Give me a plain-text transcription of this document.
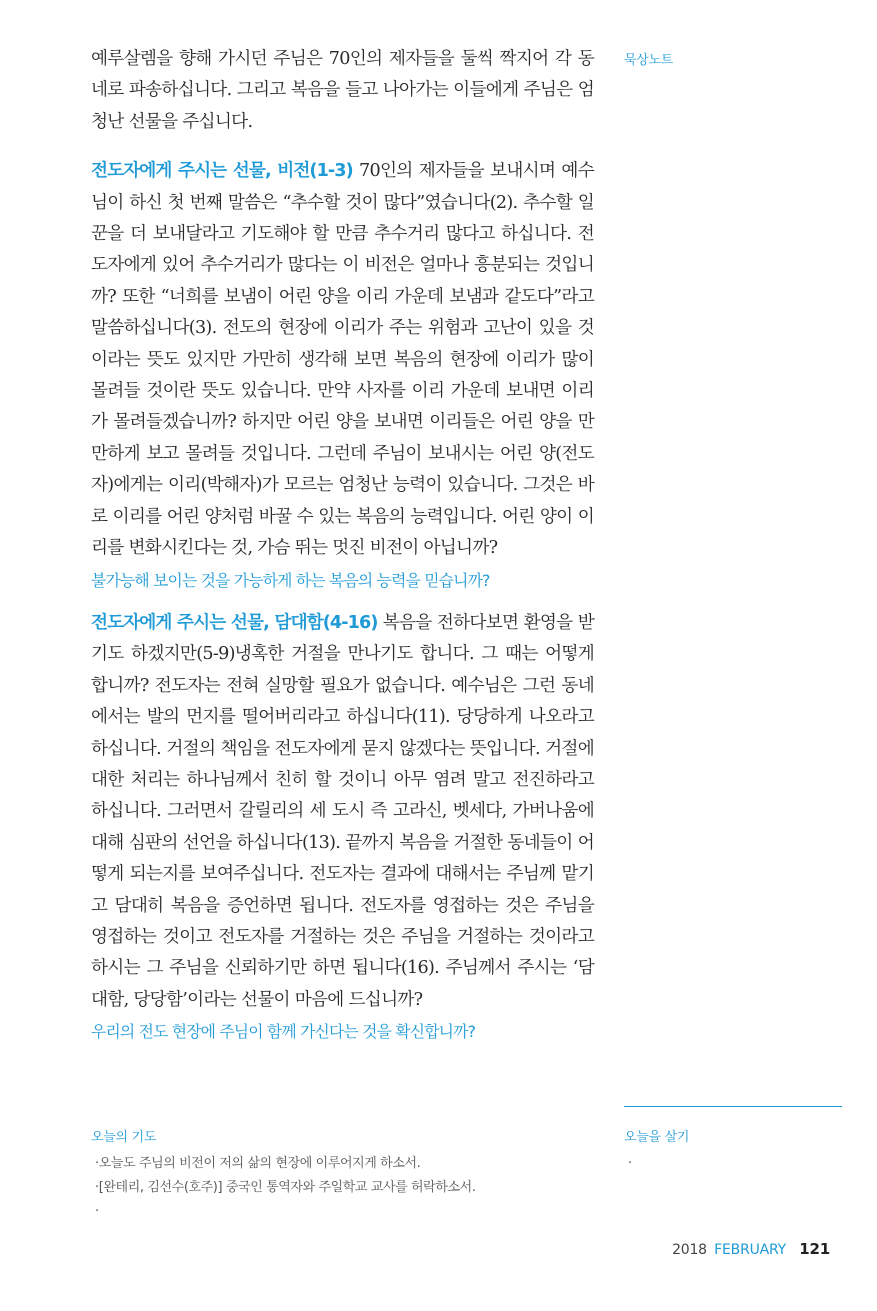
묵상노트

예루살렘을 향해 가시던 주님은 70인의 제자들을 둘씩 짝지어 각 동네로 파송하십니다. 그리고 복음을 들고 나아가는 이들에게 주님은 엄청난 선물을 주십니다.

전도자에게 주시는 선물, 비전(1-3) 70인의 제자들을 보내시며 예수님이 하신 첫 번째 말씀은 “추수할 것이 많다”였습니다(2). 추수할 일꾼을 더 보내달라고 기도해야 할 만큼 추수거리 많다고 하십니다. 전도자에게 있어 추수거리가 많다는 이 비전은 얼마나 흥분되는 것입니까? 또한 “너희를 보냄이 어린 양을 이리 가운데 보냄과 같도다”라고 말씀하십니다(3). 전도의 현장에 이리가 주는 위험과 고난이 있을 것이라는 뜻도 있지만 가만히 생각해 보면 복음의 현장에 이리가 많이 몰려들 것이란 뜻도 있습니다. 만약 사자를 이리 가운데 보내면 이리가 몰려들겠습니까? 하지만 어린 양을 보내면 이리들은 어린 양을 만만하게 보고 몰려들 것입니다. 그런데 주님이 보내시는 어린 양(전도자)에게는 이리(박해자)가 모르는 엄청난 능력이 있습니다. 그것은 바로 이리를 어린 양처럼 바꿀 수 있는 복음의 능력입니다. 어린 양이 이리를 변화시킨다는 것, 가슴 뛰는 멋진 비전이 아닙니까?

불가능해 보이는 것을 가능하게 하는 복음의 능력을 믿습니까?

전도자에게 주시는 선물, 담대함(4-16) 복음을 전하다보면 환영을 받기도 하겠지만(5-9)냉혹한 거절을 만나기도 합니다. 그 때는 어떻게 합니까? 전도자는 전혀 실망할 필요가 없습니다. 예수님은 그런 동네에서는 발의 먼지를 떨어버리라고 하십니다(11). 당당하게 나오라고 하십니다. 거절의 책임을 전도자에게 묻지 않겠다는 뜻입니다. 거절에 대한 처리는 하나님께서 친히 할 것이니 아무 염려 말고 전진하라고 하십니다. 그러면서 갈릴리의 세 도시 즉 고라신, 벳세다, 가버나움에 대해 심판의 선언을 하십니다(13). 끝까지 복음을 거절한 동네들이 어떻게 되는지를 보여주십니다. 전도자는 결과에 대해서는 주님께 맡기고 담대히 복음을 증언하면 됩니다. 전도자를 영접하는 것은 주님을 영접하는 것이고 전도자를 거절하는 것은 주님을 거절하는 것이라고 하시는 그 주님을 신뢰하기만 하면 됩니다(16). 주님께서 주시는 ‘담대함, 당당함’이라는 선물이 마음에 드십니까?

우리의 전도 현장에 주님이 함께 가신다는 것을 확신합니까?

오늘의 기도
·오늘도 주님의 비전이 저의 삶의 현장에 이루어지게 하소서.
·[완테리, 김선수(호주)] 중국인 통역자와 주일학교 교사를 허락하소서.
·
오늘을 살기
·
2018 FEBRUARY 121
